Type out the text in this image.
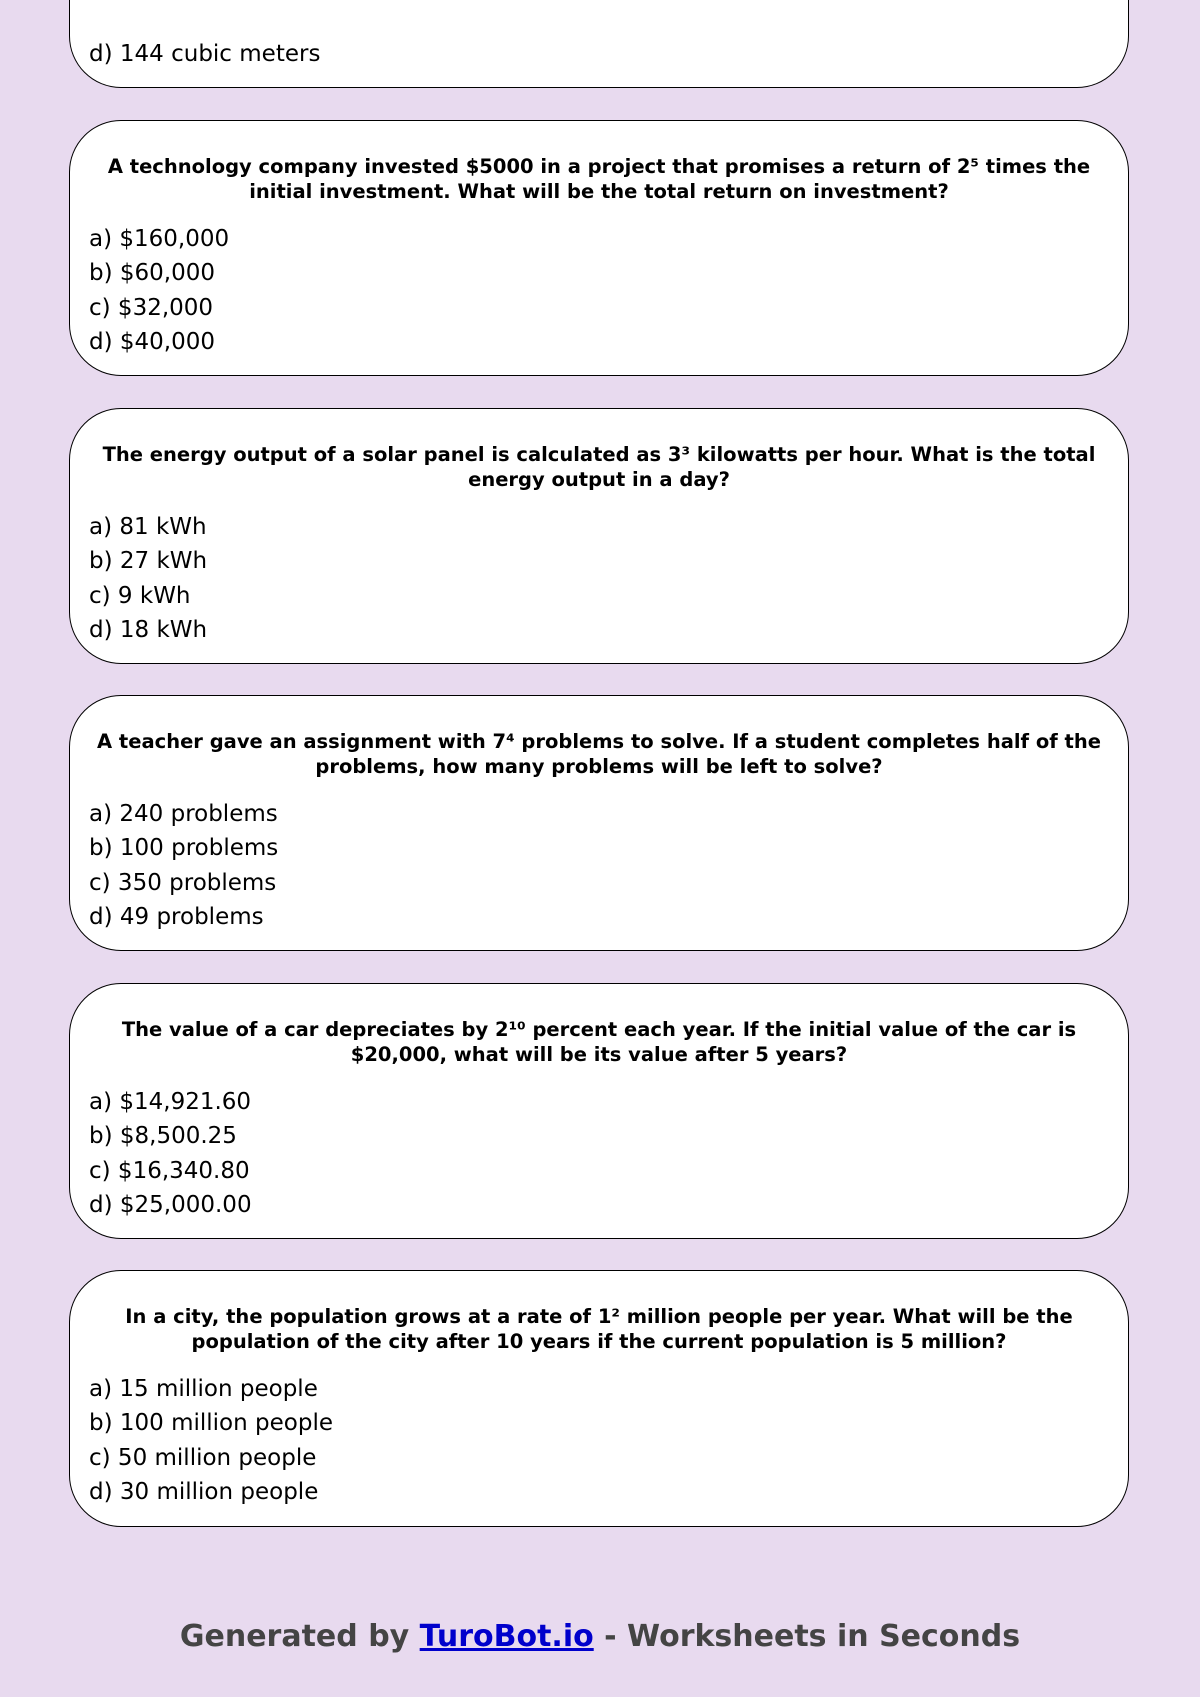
d) 144 cubic meters

A technology company invested $5000 in a project that promises a return of 2⁵ times the initial investment. What will be the total return on investment?

a) $160,000
b) $60,000
c) $32,000
d) $40,000

The energy output of a solar panel is calculated as 3³ kilowatts per hour. What is the total energy output in a day?

a) 81 kWh
b) 27 kWh
c) 9 kWh
d) 18 kWh

A teacher gave an assignment with 7⁴ problems to solve. If a student completes half of the problems, how many problems will be left to solve?

a) 240 problems
b) 100 problems
c) 350 problems
d) 49 problems

The value of a car depreciates by 2¹⁰ percent each year. If the initial value of the car is $20,000, what will be its value after 5 years?

a) $14,921.60
b) $8,500.25
c) $16,340.80
d) $25,000.00

In a city, the population grows at a rate of 1² million people per year. What will be the population of the city after 10 years if the current population is 5 million?

a) 15 million people
b) 100 million people
c) 50 million people
d) 30 million people
Generated by TuroBot.io - Worksheets in Seconds
